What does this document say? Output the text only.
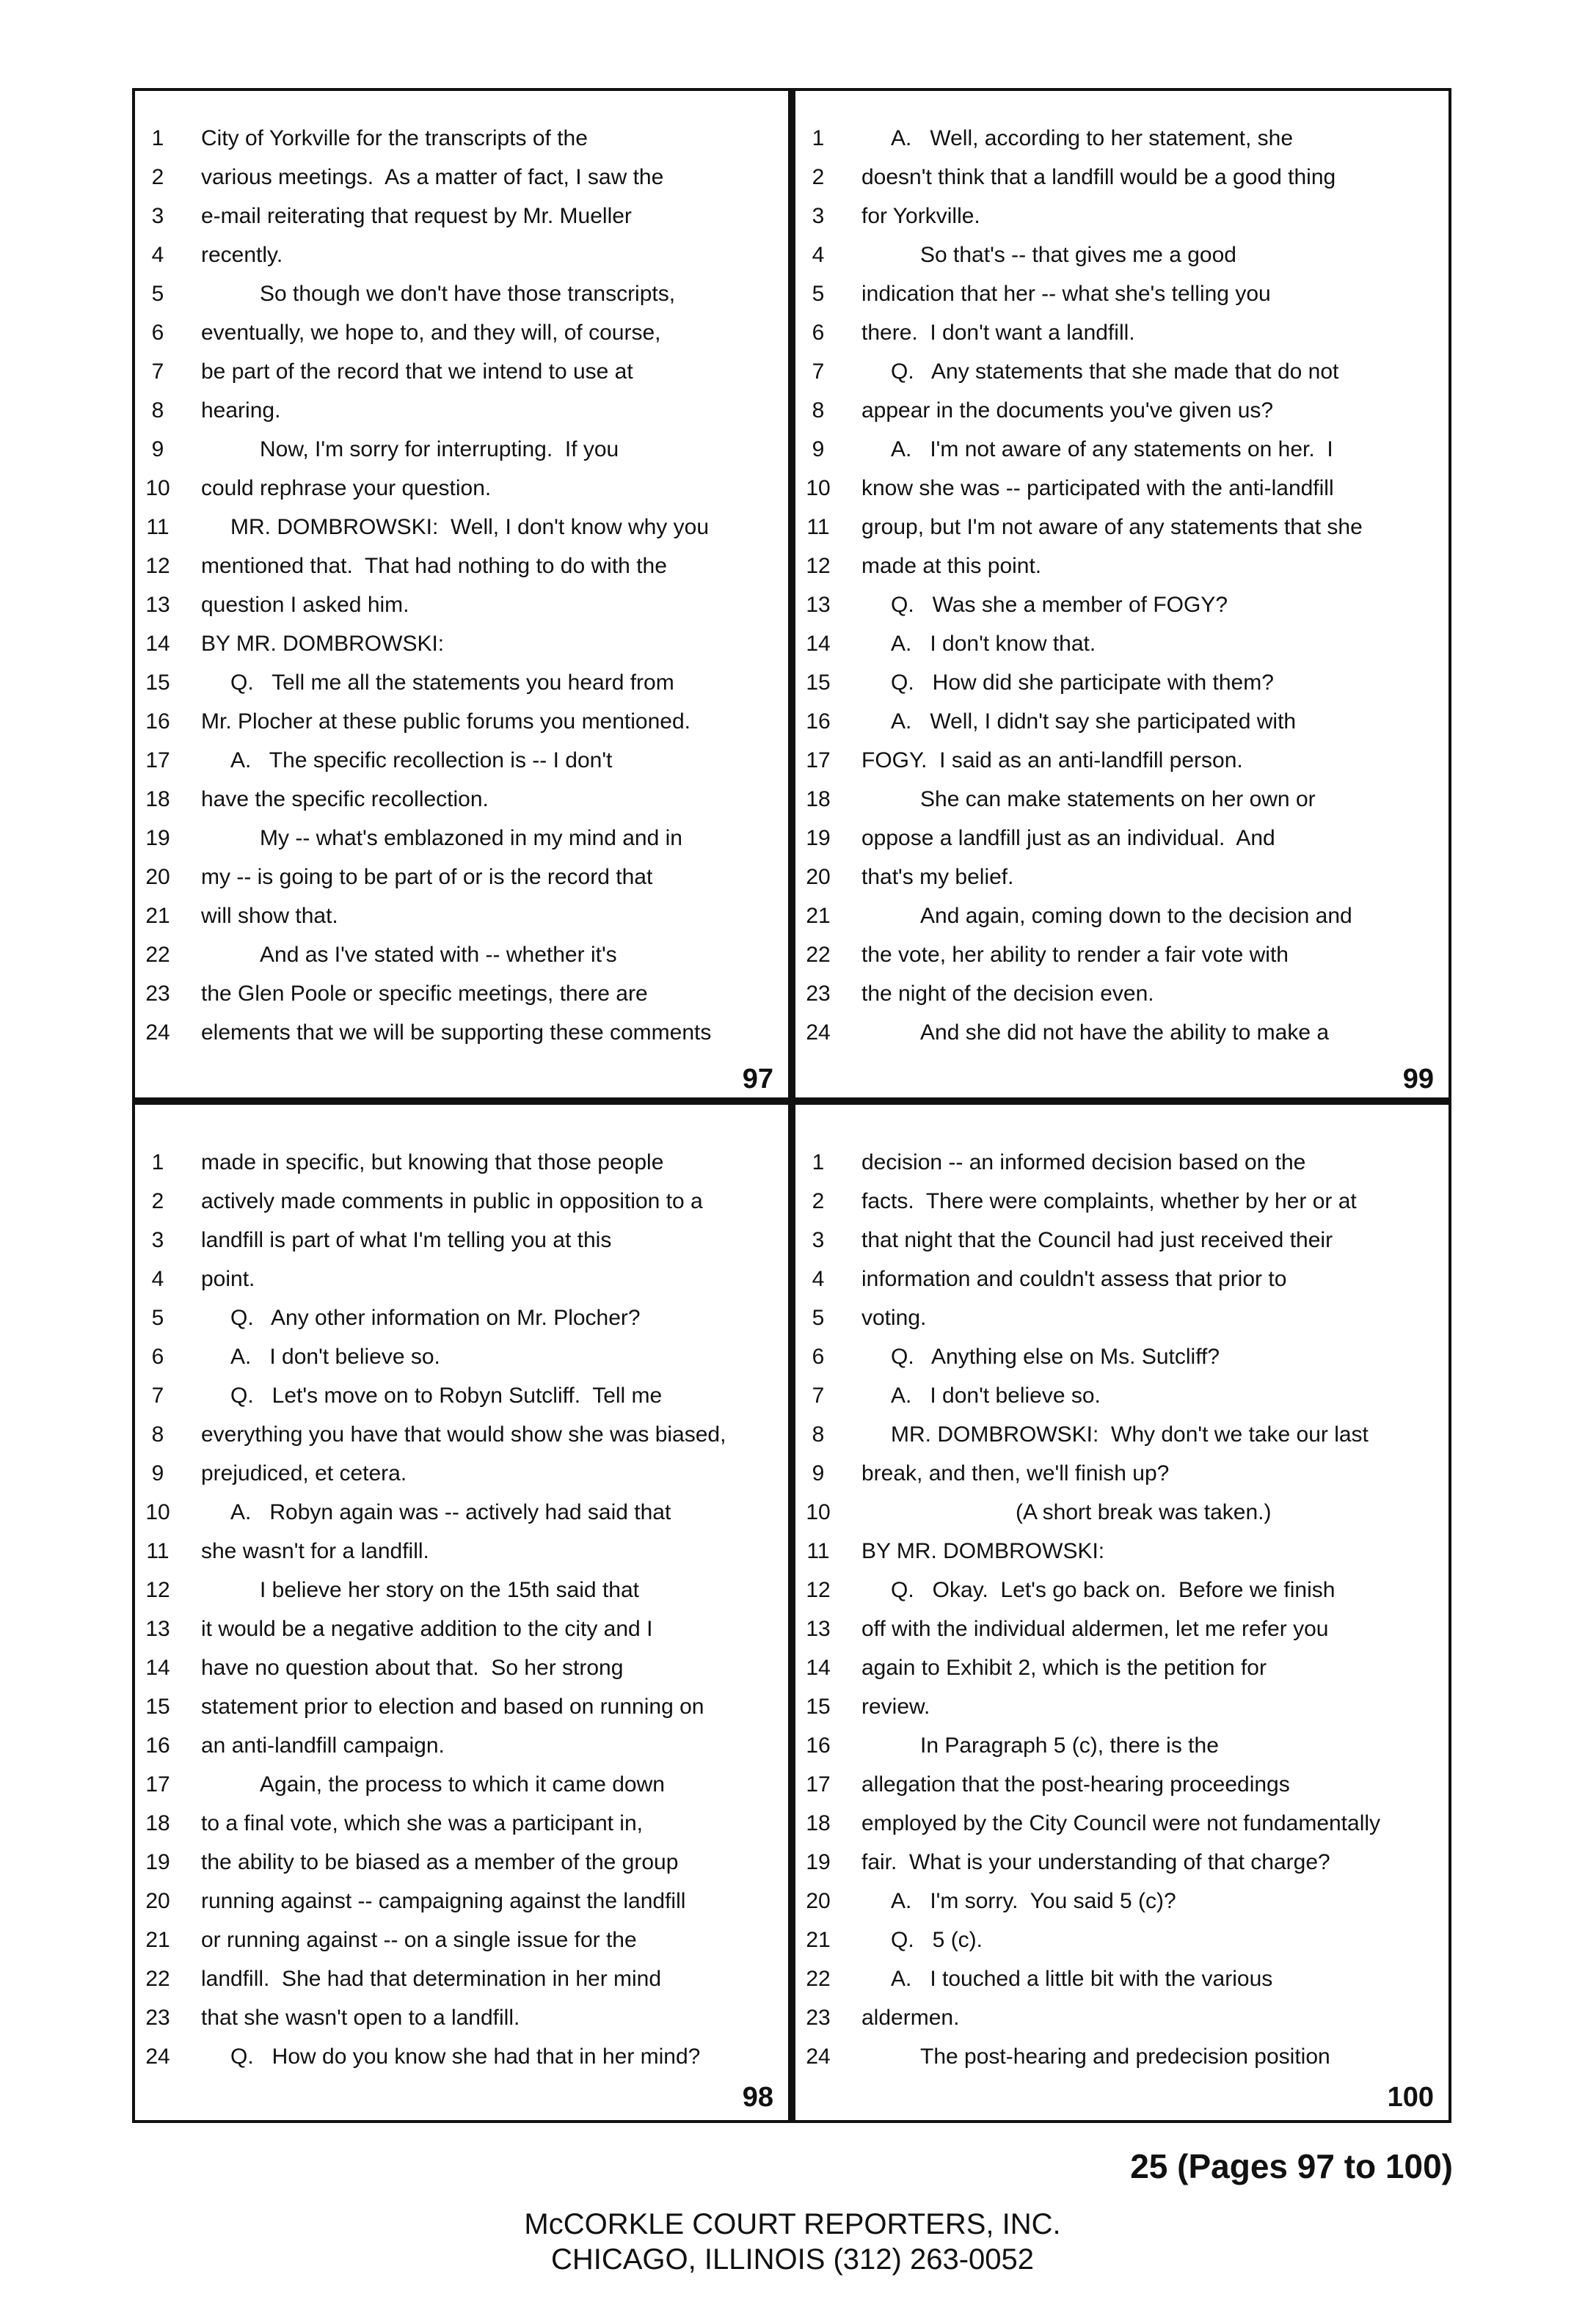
1	City of Yorkville for the transcripts of the
2	various meetings.  As a matter of fact, I saw the
3	e-mail reiterating that request by Mr. Mueller
4	recently.
5	So though we don't have those transcripts,
6	eventually, we hope to, and they will, of course,
7	be part of the record that we intend to use at
8	hearing.
9	Now, I'm sorry for interrupting.  If you
10	could rephrase your question.
11	MR. DOMBROWSKI:  Well, I don't know why you
12	mentioned that.  That had nothing to do with the
13	question I asked him.
14	BY MR. DOMBROWSKI:
15	Q.   Tell me all the statements you heard from
16	Mr. Plocher at these public forums you mentioned.
17	A.   The specific recollection is -- I don't
18	have the specific recollection.
19	My -- what's emblazoned in my mind and in
20	my -- is going to be part of or is the record that
21	will show that.
22	And as I've stated with -- whether it's
23	the Glen Poole or specific meetings, there are
24	elements that we will be supporting these comments
97
1	A.   Well, according to her statement, she
2	doesn't think that a landfill would be a good thing
3	for Yorkville.
4	So that's -- that gives me a good
5	indication that her -- what she's telling you
6	there.  I don't want a landfill.
7	Q.   Any statements that she made that do not
8	appear in the documents you've given us?
9	A.   I'm not aware of any statements on her.  I
10	know she was -- participated with the anti-landfill
11	group, but I'm not aware of any statements that she
12	made at this point.
13	Q.   Was she a member of FOGY?
14	A.   I don't know that.
15	Q.   How did she participate with them?
16	A.   Well, I didn't say she participated with
17	FOGY.  I said as an anti-landfill person.
18	She can make statements on her own or
19	oppose a landfill just as an individual.  And
20	that's my belief.
21	And again, coming down to the decision and
22	the vote, her ability to render a fair vote with
23	the night of the decision even.
24	And she did not have the ability to make a
99
1	made in specific, but knowing that those people
2	actively made comments in public in opposition to a
3	landfill is part of what I'm telling you at this
4	point.
5	Q.   Any other information on Mr. Plocher?
6	A.   I don't believe so.
7	Q.   Let's move on to Robyn Sutcliff.  Tell me
8	everything you have that would show she was biased,
9	prejudiced, et cetera.
10	A.   Robyn again was -- actively had said that
11	she wasn't for a landfill.
12	I believe her story on the 15th said that
13	it would be a negative addition to the city and I
14	have no question about that.  So her strong
15	statement prior to election and based on running on
16	an anti-landfill campaign.
17	Again, the process to which it came down
18	to a final vote, which she was a participant in,
19	the ability to be biased as a member of the group
20	running against -- campaigning against the landfill
21	or running against -- on a single issue for the
22	landfill.  She had that determination in her mind
23	that she wasn't open to a landfill.
24	Q.   How do you know she had that in her mind?
98
1	decision -- an informed decision based on the
2	facts.  There were complaints, whether by her or at
3	that night that the Council had just received their
4	information and couldn't assess that prior to
5	voting.
6	Q.   Anything else on Ms. Sutcliff?
7	A.   I don't believe so.
8	MR. DOMBROWSKI:  Why don't we take our last
9	break, and then, we'll finish up?
10	(A short break was taken.)
11	BY MR. DOMBROWSKI:
12	Q.   Okay.  Let's go back on.  Before we finish
13	off with the individual aldermen, let me refer you
14	again to Exhibit 2, which is the petition for
15	review.
16	In Paragraph 5 (c), there is the
17	allegation that the post-hearing proceedings
18	employed by the City Council were not fundamentally
19	fair.  What is your understanding of that charge?
20	A.   I'm sorry.  You said 5 (c)?
21	Q.   5 (c).
22	A.   I touched a little bit with the various
23	aldermen.
24	The post-hearing and predecision position
100
25 (Pages 97 to 100)
McCORKLE COURT REPORTERS, INC.
CHICAGO, ILLINOIS (312) 263-0052
